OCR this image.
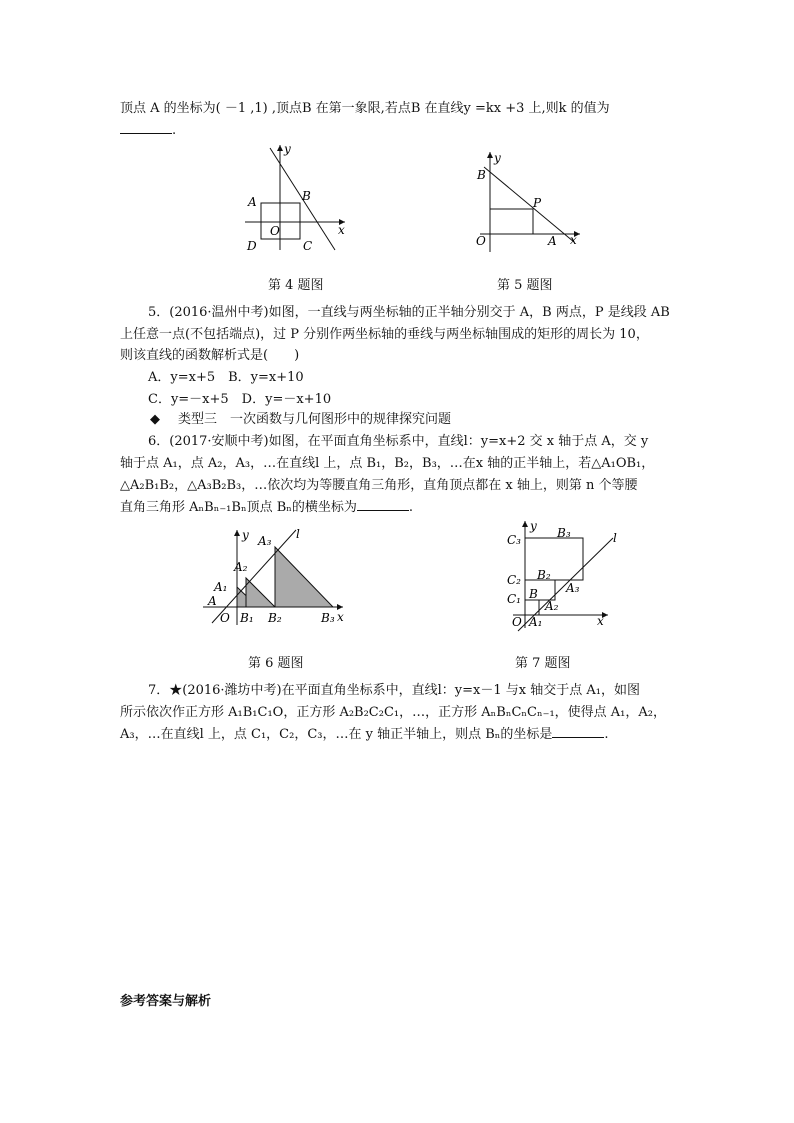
顶点 A 的坐标为( －1 ,1) ,顶点B 在第一象限,若点B 在直线y =kx +3 上,则k 的值为
.
y
x
A	B
O
D	C
第 4 题图
y
x
B
P
O	A
第 5 题图
5．(2016·温州中考)如图，一直线与两坐标轴的正半轴分别交于 A，B 两点，P 是线段 AB
上任意一点(不包括端点)，过 P 分别作两坐标轴的垂线与两坐标轴围成的矩形的周长为 10，
则该直线的函数解析式是(　　)
A．y=x+5　B．y=x+10
C．y=－x+5　D．y=－x+10
◆ 类型三　一次函数与几何图形中的规律探究问题
6．(2017·安顺中考)如图，在平面直角坐标系中，直线l：y=x+2 交 x 轴于点 A，交 y
轴于点 A₁，点 A₂，A₃，…在直线l 上，点 B₁，B₂，B₃，…在x 轴的正半轴上，若△A₁OB₁，
△A₂B₁B₂，△A₃B₂B₃，…依次均为等腰直角三角形，直角顶点都在 x 轴上，则第 n 个等腰
直角三角形 AₙBₙ₋₁Bₙ顶点 Bₙ的横坐标为	.
y
x
l
A
A₁
A₂
A₃
O B₁ B₂	B₃
第 6 题图
y
x
l
C₃
C₂
C₁
B₃
B₂
B A₃
A₂
A₁
O
第 7 题图
7．★(2016·潍坊中考)在平面直角坐标系中，直线l：y=x－1 与x 轴交于点 A₁，如图
所示依次作正方形 A₁B₁C₁O，正方形 A₂B₂C₂C₁，…，正方形 AₙBₙCₙCₙ₋₁，使得点 A₁，A₂，
A₃，…在直线l 上，点 C₁，C₂，C₃，…在 y 轴正半轴上，则点 Bₙ的坐标是	.
参考答案与解析
